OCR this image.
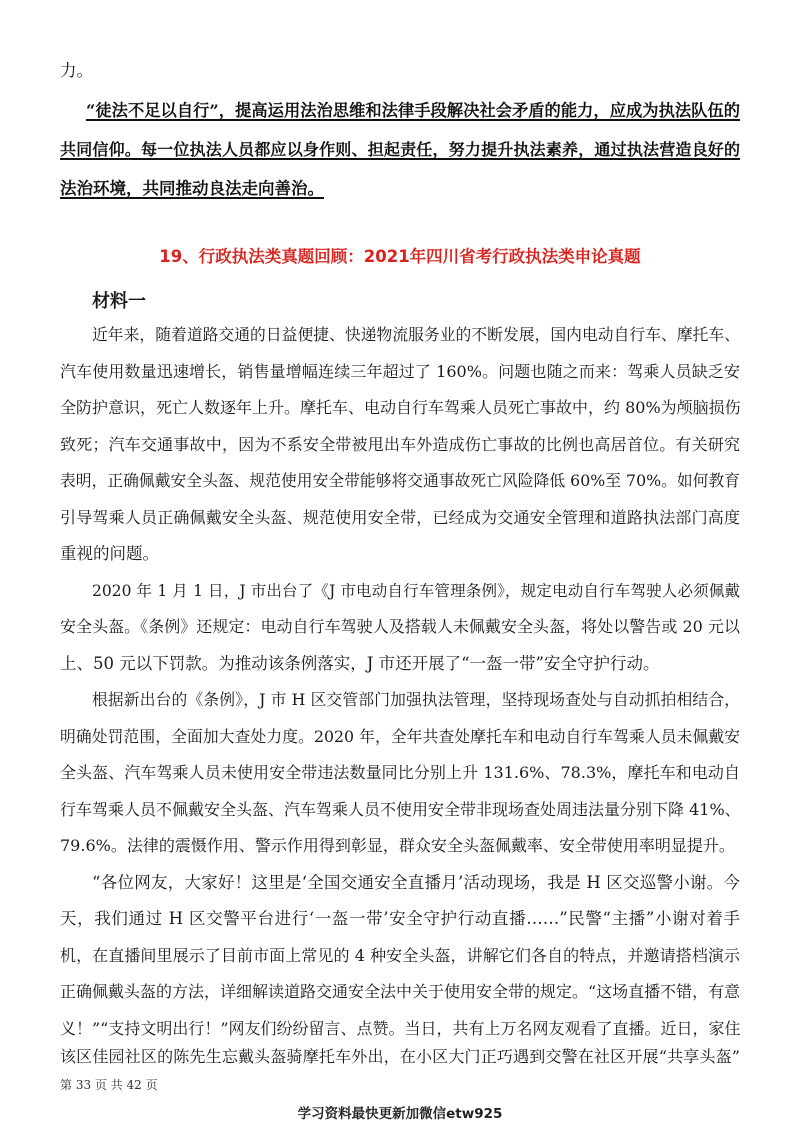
力。
“徒法不足以自行”，提高运用法治思维和法律手段解决社会矛盾的能力，应成为执法队伍的
共同信仰。每一位执法人员都应以身作则、担起责任，努力提升执法素养，通过执法营造良好的
法治环境，共同推动良法走向善治。
19、行政执法类真题回顾：2021年四川省考行政执法类申论真题
材料一
近年来，随着道路交通的日益便捷、快递物流服务业的不断发展，国内电动自行车、摩托车、
汽车使用数量迅速增长，销售量增幅连续三年超过了 160%。问题也随之而来：驾乘人员缺乏安
全防护意识，死亡人数逐年上升。摩托车、电动自行车驾乘人员死亡事故中，约 80%为颅脑损伤
致死；汽车交通事故中，因为不系安全带被甩出车外造成伤亡事故的比例也高居首位。有关研究
表明，正确佩戴安全头盔、规范使用安全带能够将交通事故死亡风险降低 60%至 70%。如何教育
引导驾乘人员正确佩戴安全头盔、规范使用安全带，已经成为交通安全管理和道路执法部门高度
重视的问题。
2020 年 1 月 1 日，J 市出台了《J 市电动自行车管理条例》，规定电动自行车驾驶人必须佩戴
安全头盔。《条例》还规定：电动自行车驾驶人及搭载人未佩戴安全头盔，将处以警告或 20 元以
上、50 元以下罚款。为推动该条例落实，J 市还开展了“一盔一带”安全守护行动。
根据新出台的《条例》，J 市 H 区交管部门加强执法管理，坚持现场查处与自动抓拍相结合，
明确处罚范围，全面加大查处力度。2020 年，全年共查处摩托车和电动自行车驾乘人员未佩戴安
全头盔、汽车驾乘人员未使用安全带违法数量同比分别上升 131.6%、78.3%，摩托车和电动自
行车驾乘人员不佩戴安全头盔、汽车驾乘人员不使用安全带非现场查处周违法量分别下降 41%、
79.6%。法律的震慑作用、警示作用得到彰显，群众安全头盔佩戴率、安全带使用率明显提升。
“各位网友，大家好！这里是‘全国交通安全直播月’活动现场，我是 H 区交巡警小谢。今
天，我们通过 H 区交警平台进行‘一盔一带’安全守护行动直播……”民警“主播”小谢对着手
机，在直播间里展示了目前市面上常见的 4 种安全头盔，讲解它们各自的特点，并邀请搭档演示
正确佩戴头盔的方法，详细解读道路交通安全法中关于使用安全带的规定。“这场直播不错，有意
义！”“支持文明出行！”网友们纷纷留言、点赞。当日，共有上万名网友观看了直播。近日，家住
该区佳园社区的陈先生忘戴头盔骑摩托车外出，在小区大门正巧遇到交警在社区开展“共享头盔”
第 33 页 共 42 页
学习资料最快更新加微信etw925
